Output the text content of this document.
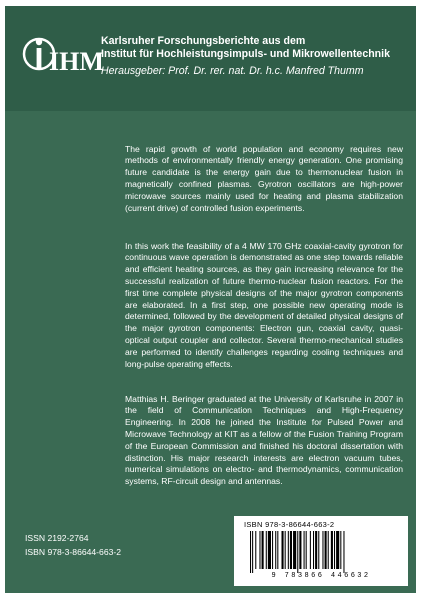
IHM
Karlsruher Forschungsberichte aus dem
Institut für Hochleistungsimpuls- und Mikrowellentechnik
Herausgeber: Prof. Dr. rer. nat. Dr. h.c. Manfred Thumm

The rapid growth of world population and economy requires new methods of environmentally friendly energy generation. One promising future candidate is the energy gain due to thermonuclear fusion in magnetically confined plasmas. Gyrotron oscillators are high-power microwave sources mainly used for heating and plasma stabilization (current drive) of controlled fusion experiments.

In this work the feasibility of a 4 MW 170 GHz coaxial-cavity gyrotron for continuous wave operation is demonstrated as one step towards reliable and efficient heating sources, as they gain increasing relevance for the successful realization of future thermo-nuclear fusion reactors. For the first time complete physical designs of the major gyrotron components are elaborated. In a first step, one possible new operating mode is determined, followed by the development of detailed physical designs of the major gyrotron components: Electron gun, coaxial cavity, quasi-optical output coupler and collector. Several thermo-mechanical studies are performed to identify challenges regarding cooling techniques and long-pulse operating effects.

Matthias H. Beringer graduated at the University of Karlsruhe in 2007 in the field of Communication Techniques and High-Frequency Engineering. In 2008 he joined the Institute for Pulsed Power and Microwave Technology at KIT as a fellow of the Fusion Training Program of the European Commission and finished his doctoral dissertation with distinction. His major research interests are electron vacuum tubes, numerical simulations on electro- and thermodynamics, communication systems, RF-circuit design and antennas.

ISSN 2192-2764
ISBN 978-3-86644-663-2
ISBN 978-3-86644-663-2
9 783866 446632
